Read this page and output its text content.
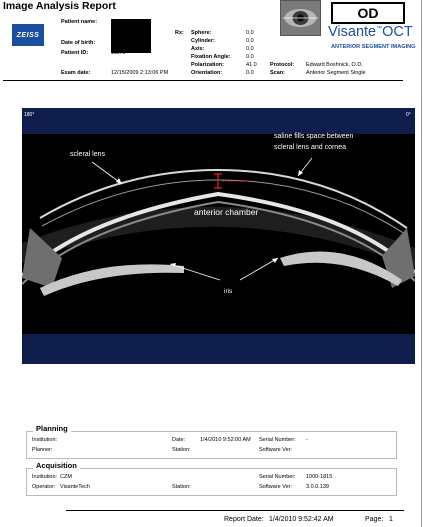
Image Analysis Report
ZEISS
Patient name:
Date of birth:
Patient ID:	11173
Exam date:	12/15/2009 2:13:06 PM
Rx: Sphere:	0.0
Cylinder:	0.0
Axis:	0.0
Fixation Angle:	0.0
Polarization:	41.0
Orientation:	0.0
Protocol: Edward Boshnick, O.D.
Scan:	Anterior Segment Single
OD
Visante™OCT
ANTERIOR SEGMENT IMAGING
180°	0°
scleral lens
saline fills space between
scleral lens and cornea
anterior chamber
iris
Planning
Institution:
Planner:
Date:	1/4/2010 9:52:00 AM
Station:
Serial Number: -
Software Ver:
Acquisition
Institution: CZM
Operator: VisanteTech	Station:
Serial Number: 1000-1815
Software Ver:	3.0.0.139
Report Date: 1/4/2010 9:52:42 AM	Page: 1
